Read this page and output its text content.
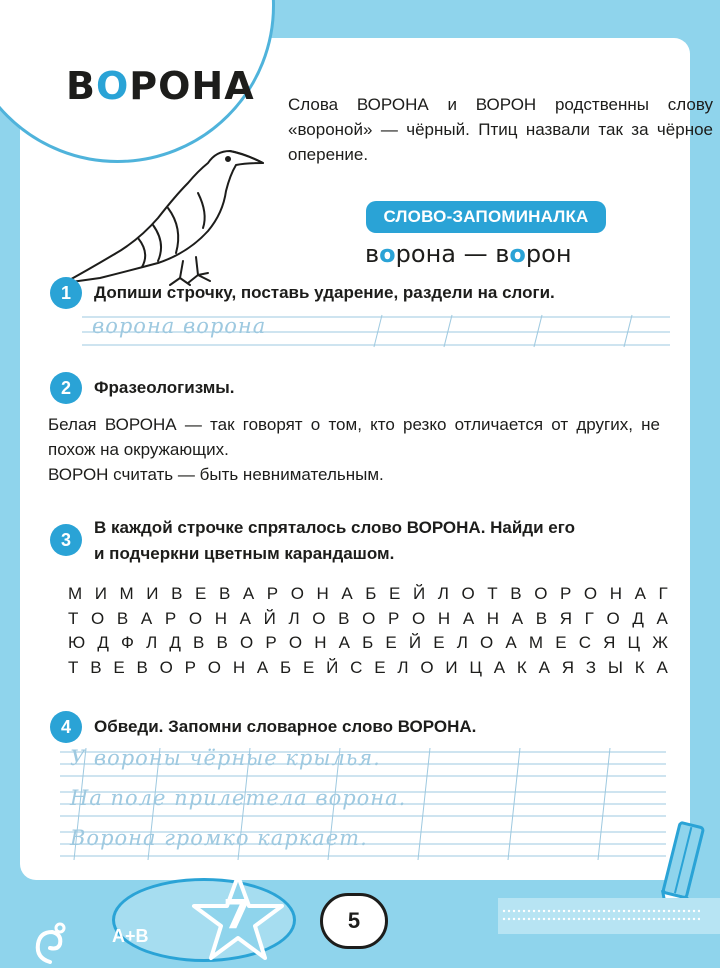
ВОРОНА Слова ВОРОНА и ВОРОН родственны слову «вороной» — чёрный. Птиц назвали так за чёрное оперение.
СЛОВО-ЗАПОМИНАЛКА
ворона — ворон
1	Допиши строчку, поставь ударение, раздели на слоги.
ворона ворона
2	Фразеологизмы.
Белая ВОРОНА — так говорят о том, кто резко отличается от других, не похож на окружающих.
ВОРОН считать — быть невнимательным.
3
В каждой строчке спряталось слово ВОРОНА. Найди его
и подчеркни цветным карандашом.
М И М И В Е В А Р О Н А Б Е Й Л О Т В О Р О Н А Г
Т О В А Р О Н А Й Л О В О Р О Н А Н А В Я Г О Д А
Ю Д Ф Л Д В В О Р О Н А Б Е Й Е Л О А М Е С Я Ц Ж
Т В Е В О Р О Н А Б Е Й С Е Л О И Ц А К А Я З Ы К А
4	Обведи. Запомни словарное слово ВОРОНА.
У вороны чёрные крылья.
На поле прилетела ворона.
Ворона громко каркает.
7
А+В
5
